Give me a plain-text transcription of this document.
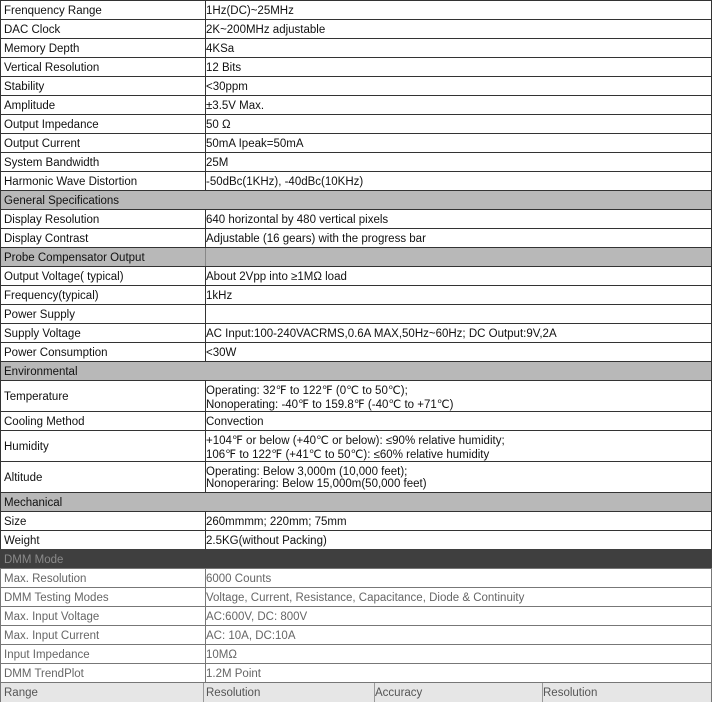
Frenquency Range	1Hz(DC)~25MHz
DAC Clock	2K~200MHz adjustable
Memory Depth	4KSa
Vertical Resolution	12 Bits
Stability	<30ppm
Amplitude	±3.5V Max.
Output Impedance	50 Ω
Output Current	50mA Ipeak=50mA
System Bandwidth	25M
Harmonic Wave Distortion	-50dBc(1KHz), -40dBc(10KHz)
General Specifications
Display Resolution	640 horizontal by 480 vertical pixels
Display Contrast	Adjustable (16 gears) with the progress bar
Probe Compensator Output
Output Voltage( typical)	About 2Vpp into ≥1MΩ load
Frequency(typical)	1kHz
Power Supply
Supply Voltage	AC Input:100-240VACRMS,0.6A MAX,50Hz~60Hz; DC Output:9V,2A
Power Consumption	<30W
Environmental
Temperature	Operating: 32℉ to 122℉ (0℃ to 50℃);
Nonoperating: -40℉ to 159.8℉ (-40℃ to +71℃)
Cooling Method	Convection
Humidity	+104℉ or below (+40℃ or below): ≤90% relative humidity;
106℉ to 122℉ (+41℃ to 50℃): ≤60% relative humidity
Altitude	Operating: Below 3,000m (10,000 feet);
Nonoperaring: Below 15,000m(50,000 feet)
Mechanical
Size	260mmmm; 220mm; 75mm
Weight	2.5KG(without Packing)
DMM Mode
Max. Resolution	6000 Counts
DMM Testing Modes	Voltage, Current, Resistance, Capacitance, Diode & Continuity
Max. Input Voltage	AC:600V, DC: 800V
Max. Input Current	AC: 10A, DC:10A
Input Impedance	10MΩ
DMM TrendPlot	1.2M Point
Range	Resolution	Accuracy	Resolution
